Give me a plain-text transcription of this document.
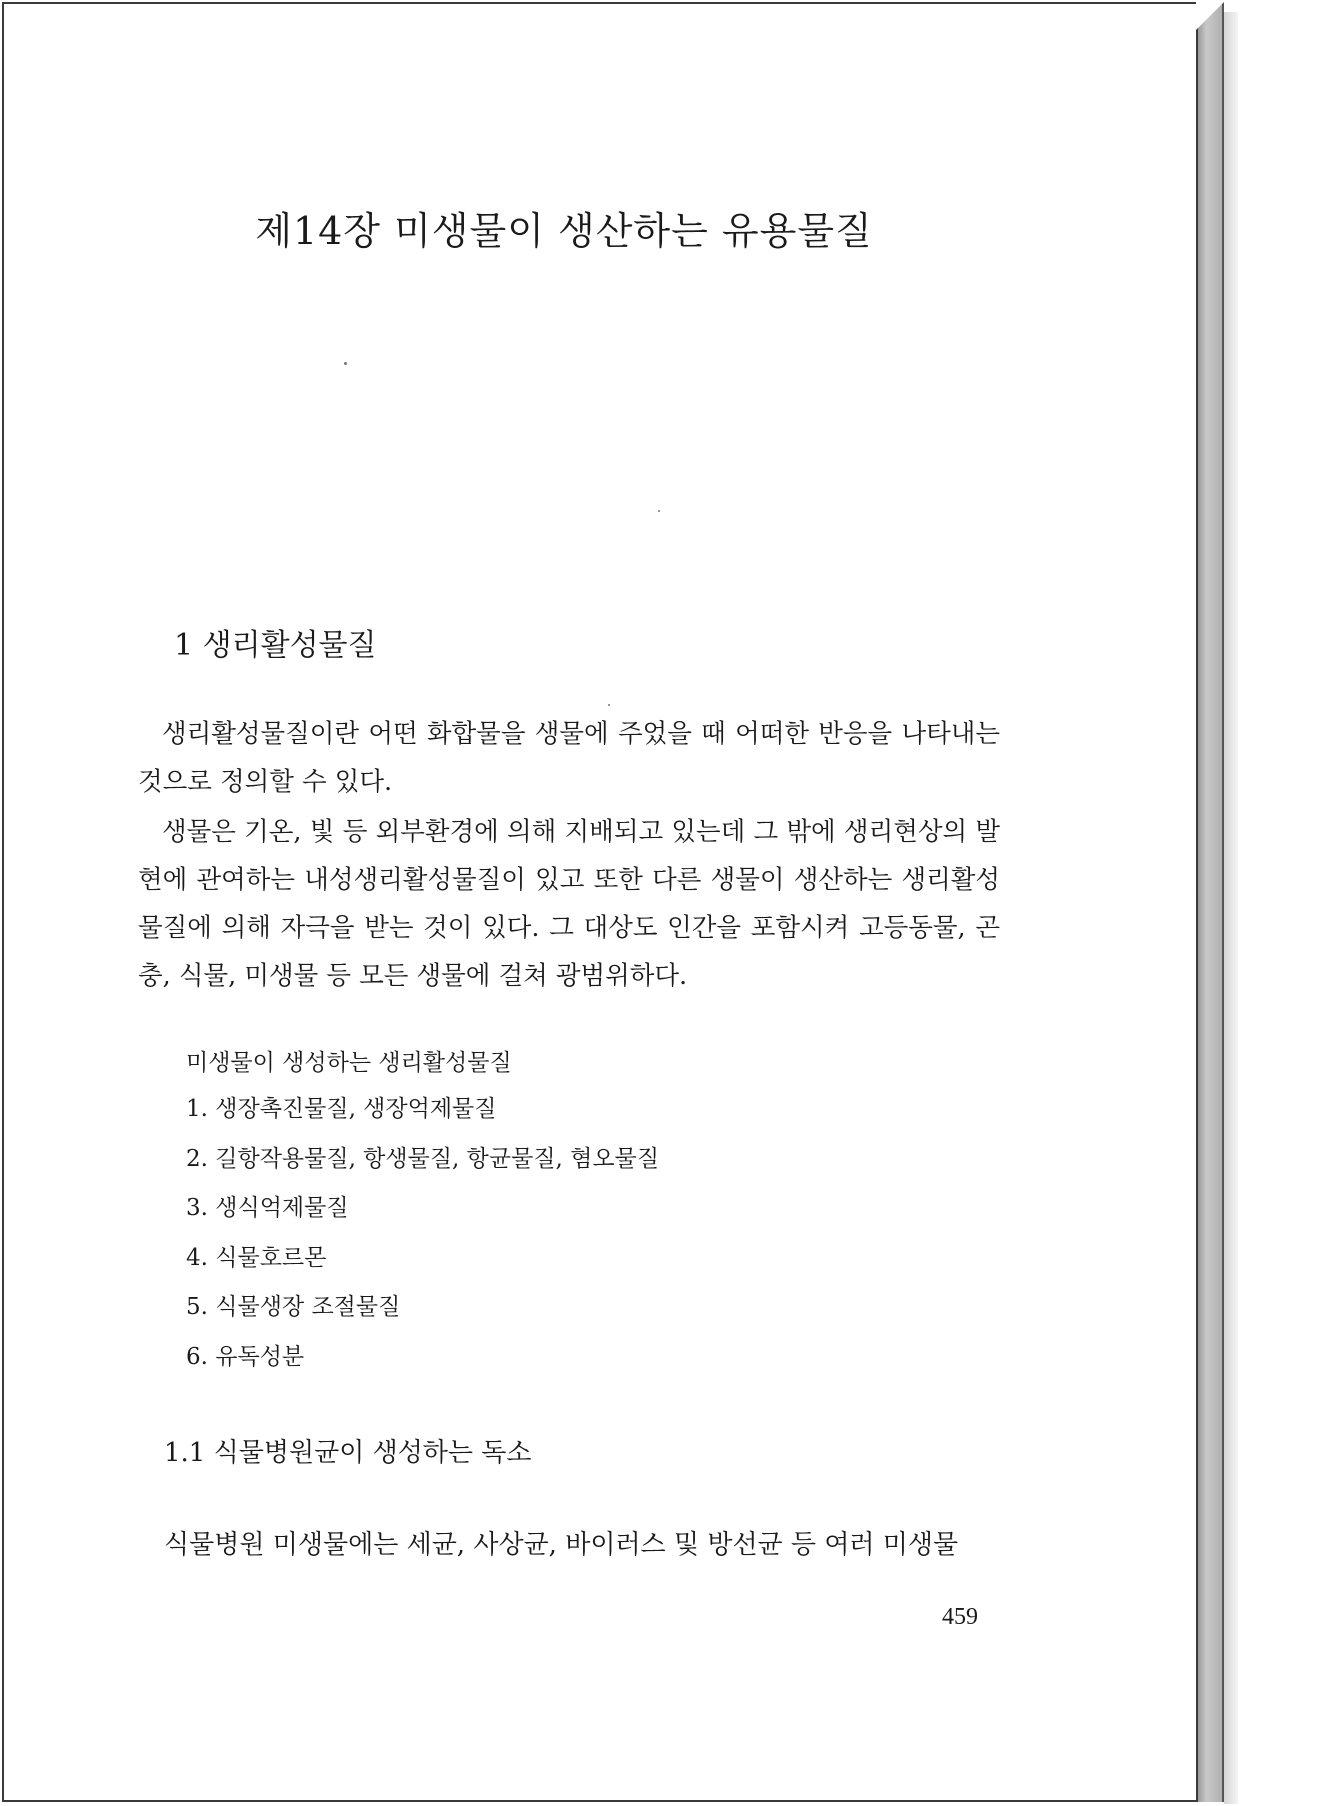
제14장 미생물이 생산하는 유용물질
1 생리활성물질

생리활성물질이란 어떤 화합물을 생물에 주었을 때 어떠한 반응을 나타내는 것으로 정의할 수 있다.

생물은 기온, 빛 등 외부환경에 의해 지배되고 있는데 그 밖에 생리현상의 발현에 관여하는 내성생리활성물질이 있고 또한 다른 생물이 생산하는 생리활성물질에 의해 자극을 받는 것이 있다. 그 대상도 인간을 포함시켜 고등동물, 곤충, 식물, 미생물 등 모든 생물에 걸쳐 광범위하다.

미생물이 생성하는 생리활성물질

1. 생장촉진물질, 생장억제물질
2. 길항작용물질, 항생물질, 항균물질, 혐오물질
3. 생식억제물질
4. 식물호르몬
5. 식물생장 조절물질
6. 유독성분
1.1 식물병원균이 생성하는 독소

식물병원 미생물에는 세균, 사상균, 바이러스 및 방선균 등 여러 미생물

459
